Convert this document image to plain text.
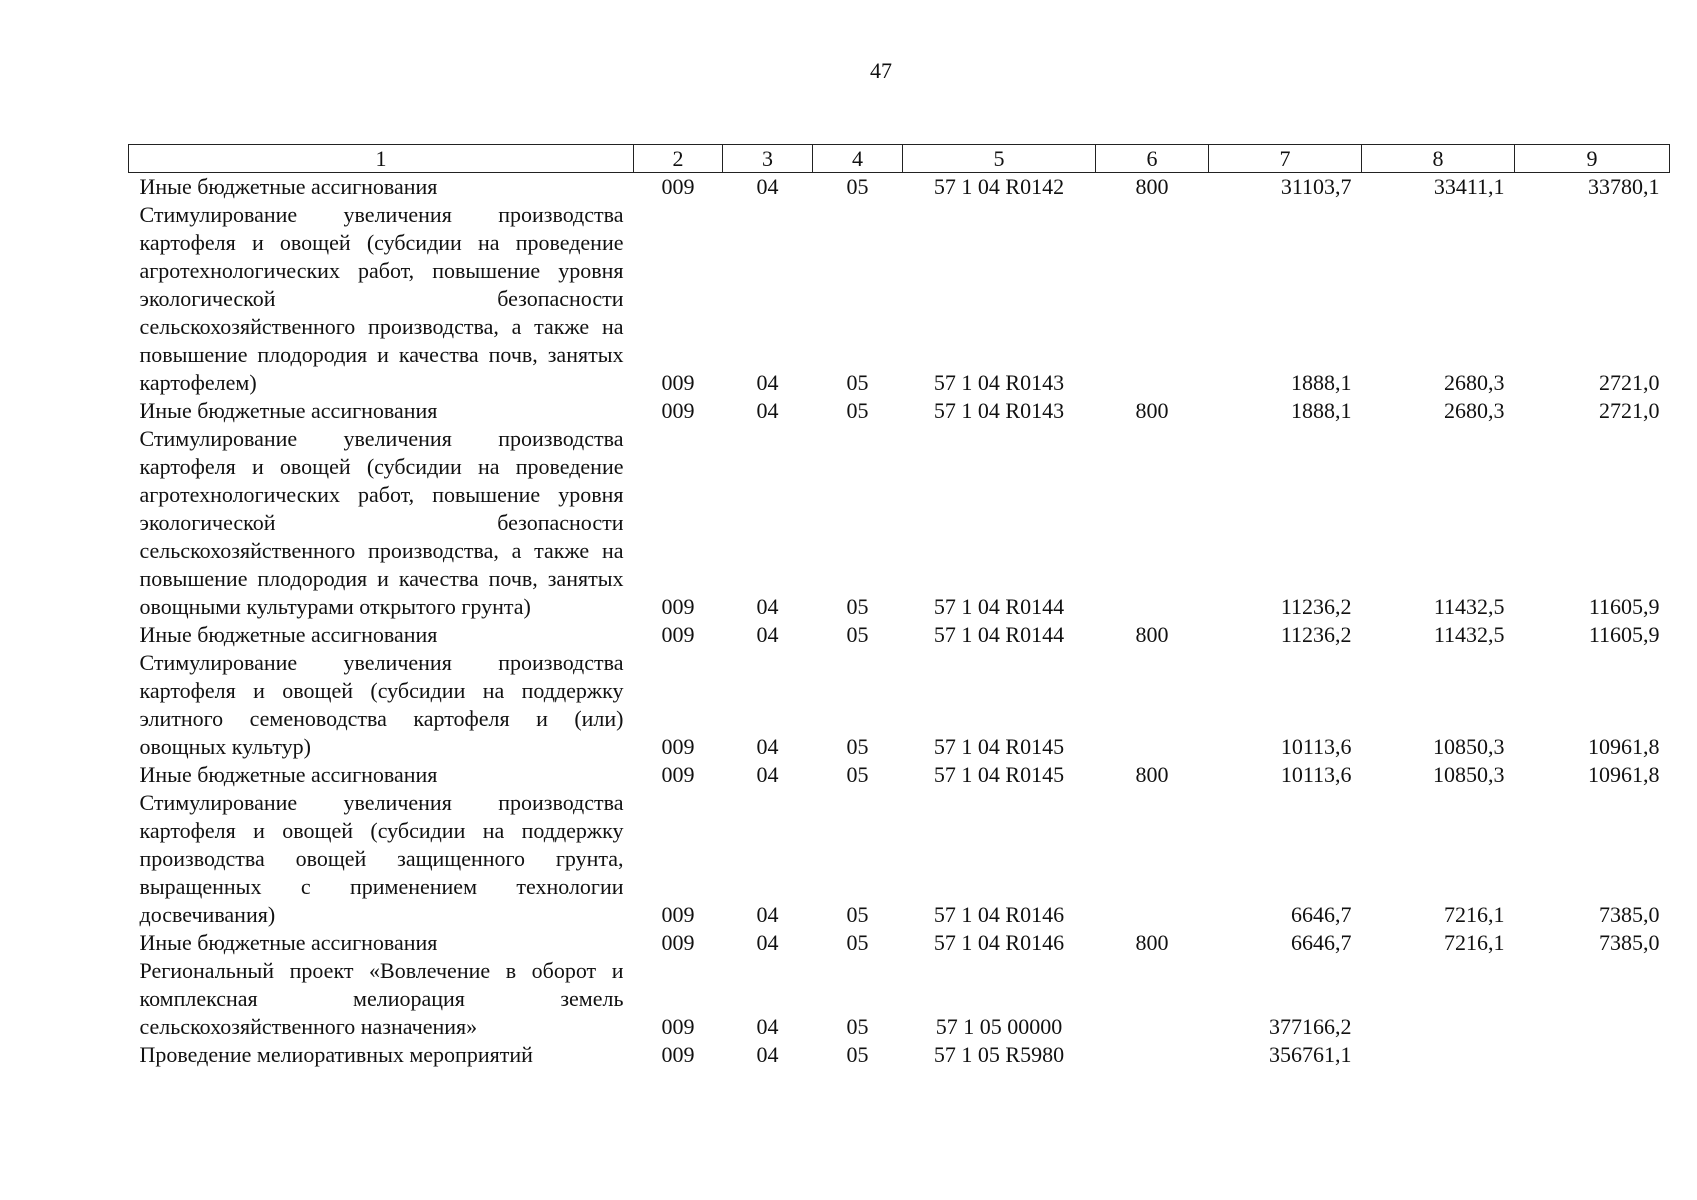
47
1	2	3	4	5	6	7	8	9
Иные бюджетные ассигнования	009	04	05	57 1 04 R0142	800	31103,7	33411,1	33780,1
Стимулирование увеличения производства картофеля и овощей (субсидии на проведение агротехнологических работ, повышение уровня экологической безопасности сельскохозяйственного производства, а также на повышение плодородия и качества почв, занятых картофелем)	009	04	05	57 1 04 R0143		1888,1	2680,3	2721,0
Иные бюджетные ассигнования	009	04	05	57 1 04 R0143	800	1888,1	2680,3	2721,0
Стимулирование увеличения производства картофеля и овощей (субсидии на проведение агротехнологических работ, повышение уровня экологической безопасности сельскохозяйственного производства, а также на повышение плодородия и качества почв, занятых овощными культурами открытого грунта)	009	04	05	57 1 04 R0144		11236,2	11432,5	11605,9
Иные бюджетные ассигнования	009	04	05	57 1 04 R0144	800	11236,2	11432,5	11605,9
Стимулирование увеличения производства картофеля и овощей (субсидии на поддержку элитного семеноводства картофеля и (или) овощных культур)	009	04	05	57 1 04 R0145		10113,6	10850,3	10961,8
Иные бюджетные ассигнования	009	04	05	57 1 04 R0145	800	10113,6	10850,3	10961,8
Стимулирование увеличения производства картофеля и овощей (субсидии на поддержку производства овощей защищенного грунта, выращенных с применением технологии досвечивания)	009	04	05	57 1 04 R0146		6646,7	7216,1	7385,0
Иные бюджетные ассигнования	009	04	05	57 1 04 R0146	800	6646,7	7216,1	7385,0
Региональный проект «Вовлечение в оборот и комплексная мелиорация земель сельскохозяйственного назначения»	009	04	05	57 1 05 00000		377166,2		
Проведение мелиоративных мероприятий	009	04	05	57 1 05 R5980		356761,1		
